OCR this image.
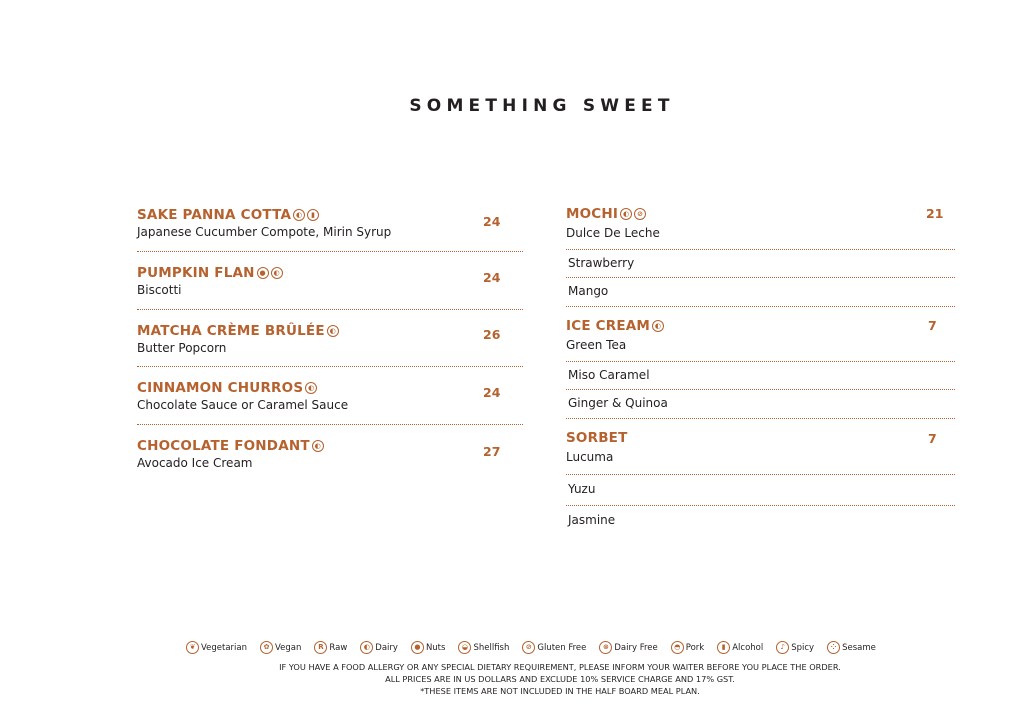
SOMETHING SWEET
SAKE PANNA COTTA ◐	▮
Japanese Cucumber Compote, Mirin Syrup
24
PUMPKIN FLAN ●	◐
Biscotti
24
MATCHA CRÈME BRÛLÉE ◐
Butter Popcorn
26
CINNAMON CHURROS ◐
Chocolate Sauce or Caramel Sauce
24
CHOCOLATE FONDANT ◐
Avocado Ice Cream
27
MOCHI ◐	⊘
Dulce De Leche
21
Strawberry
Mango
ICE CREAM ◐
Green Tea
7
Miso Caramel
Ginger & Quinoa
SORBET
Lucuma
7
Yuzu
Jasmine
❦ Vegetarian	✿ Vegan	R Raw	◐ Dairy	● Nuts	◒ Shellfish	⊘ Gluten Free	⊗ Dairy Free	◓ Pork	▮ Alcohol	♪ Spicy	⁘ Sesame
IF YOU HAVE A FOOD ALLERGY OR ANY SPECIAL DIETARY REQUIREMENT, PLEASE INFORM YOUR WAITER BEFORE YOU PLACE THE ORDER.
ALL PRICES ARE IN US DOLLARS AND EXCLUDE 10% SERVICE CHARGE AND 17% GST.
*THESE ITEMS ARE NOT INCLUDED IN THE HALF BOARD MEAL PLAN.
